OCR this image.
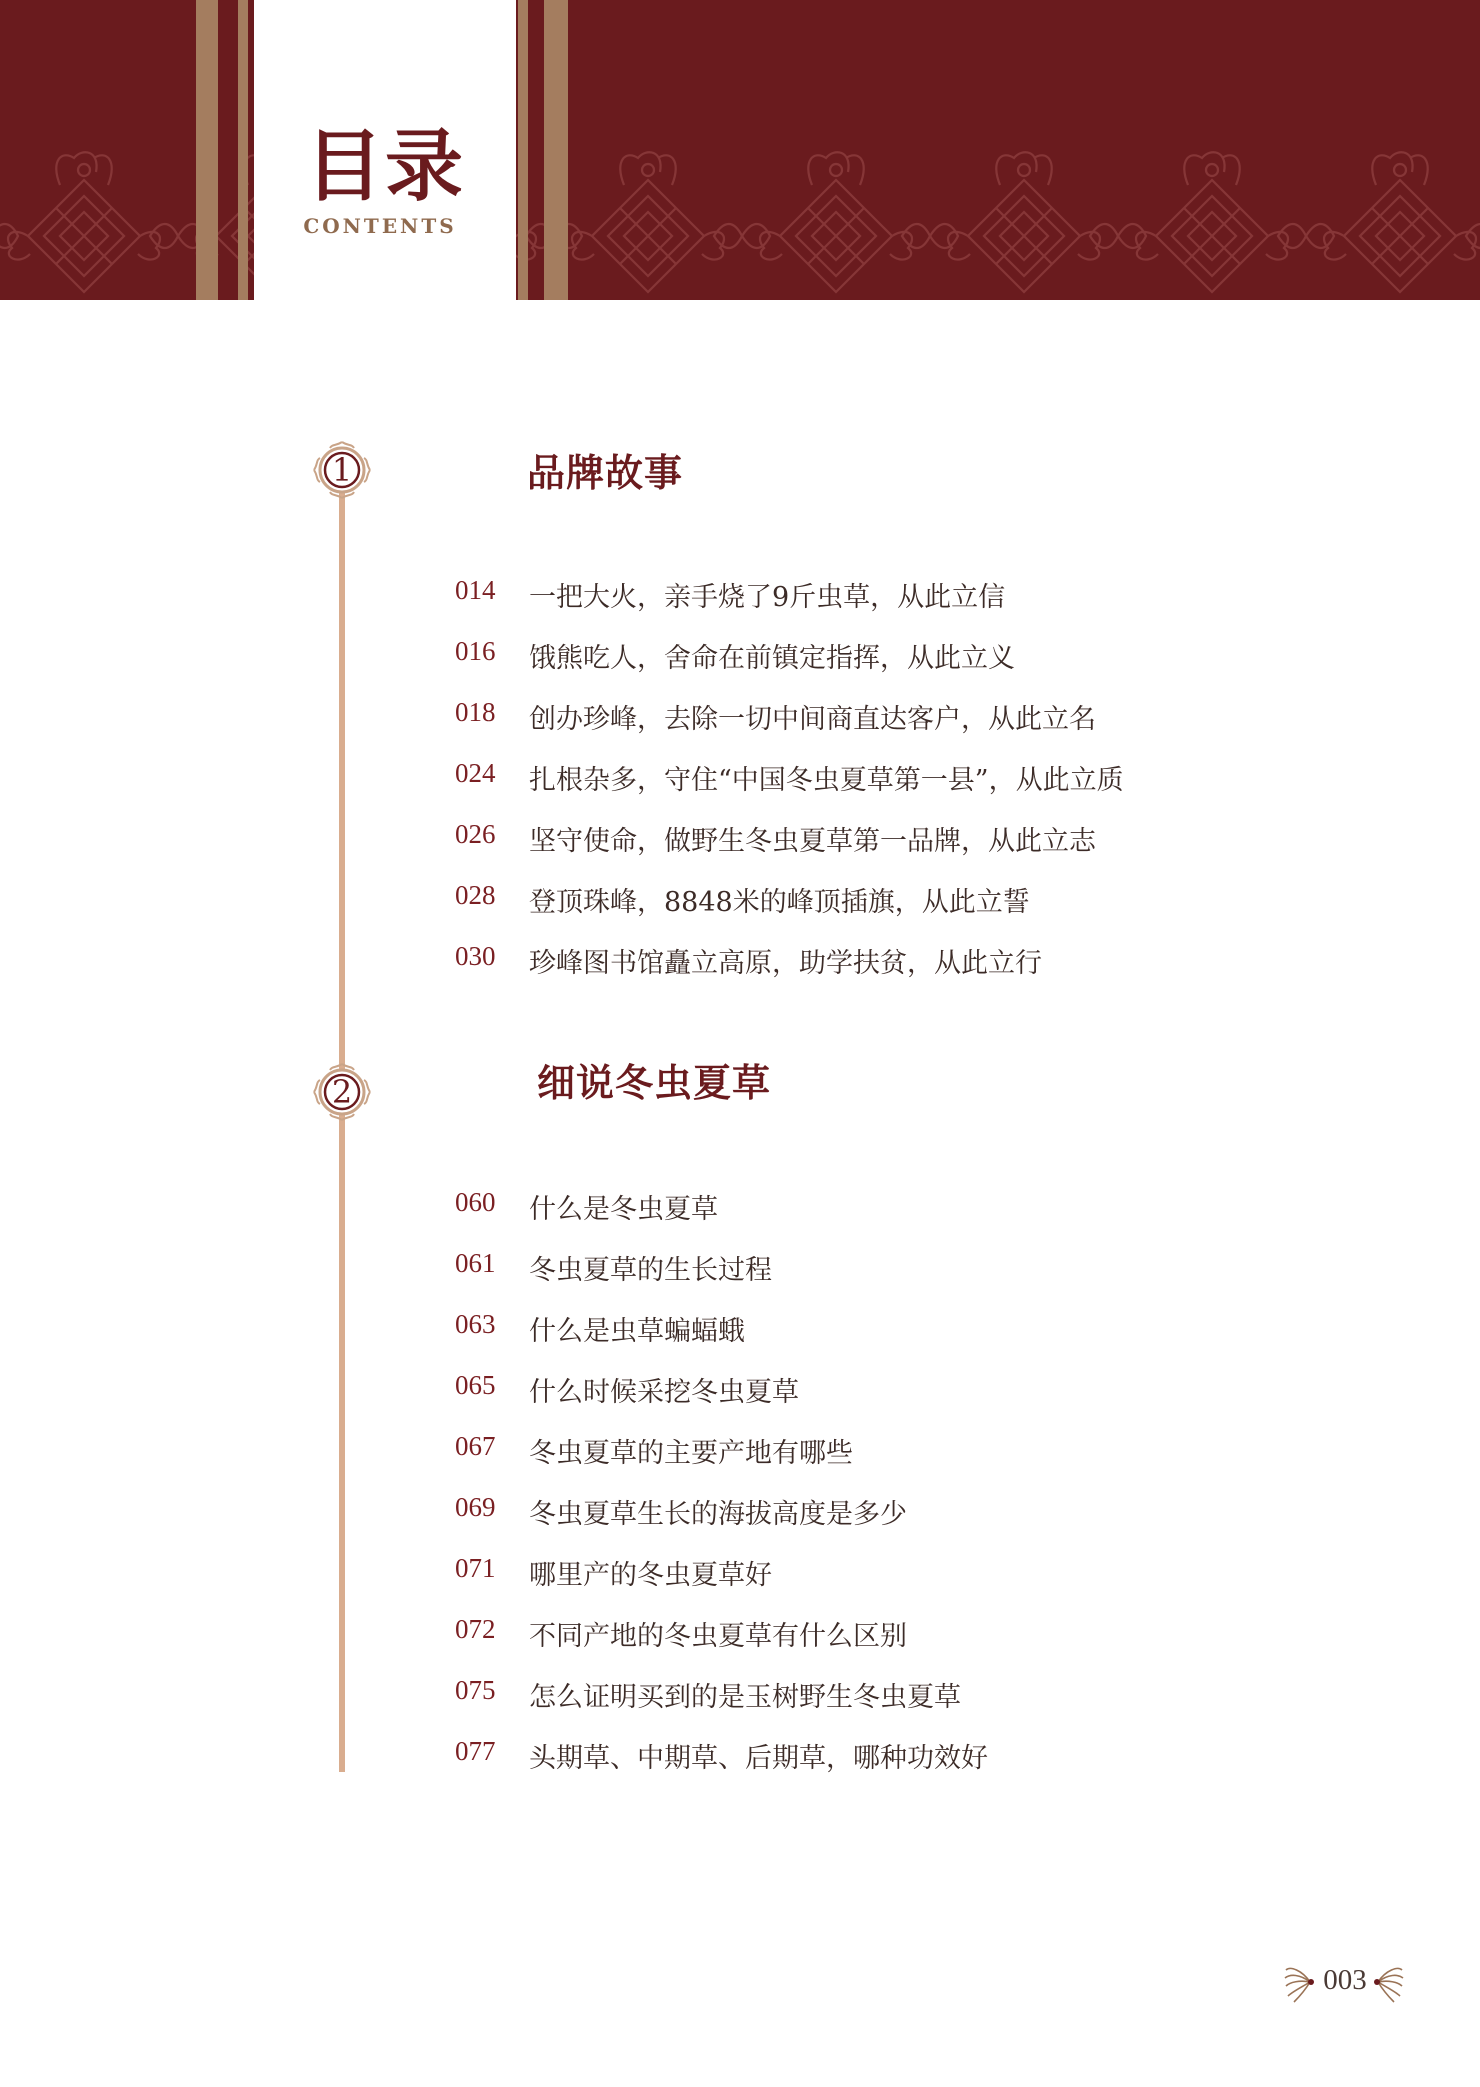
目录
CONTENTS
1	品牌故事
014 一把大火，亲手烧了9斤虫草，从此立信
016 饿熊吃人，舍命在前镇定指挥，从此立义
018 创办珍峰，去除一切中间商直达客户，从此立名
024 扎根杂多，守住“中国冬虫夏草第一县”，从此立质
026 坚守使命，做野生冬虫夏草第一品牌，从此立志
028 登顶珠峰，8848米的峰顶插旗，从此立誓
030 珍峰图书馆矗立高原，助学扶贫，从此立行
2	细说冬虫夏草
060 什么是冬虫夏草
061 冬虫夏草的生长过程
063 什么是虫草蝙蝠蛾
065 什么时候采挖冬虫夏草
067 冬虫夏草的主要产地有哪些
069 冬虫夏草生长的海拔高度是多少
071 哪里产的冬虫夏草好
072 不同产地的冬虫夏草有什么区别
075 怎么证明买到的是玉树野生冬虫夏草
077 头期草、中期草、后期草，哪种功效好
003
